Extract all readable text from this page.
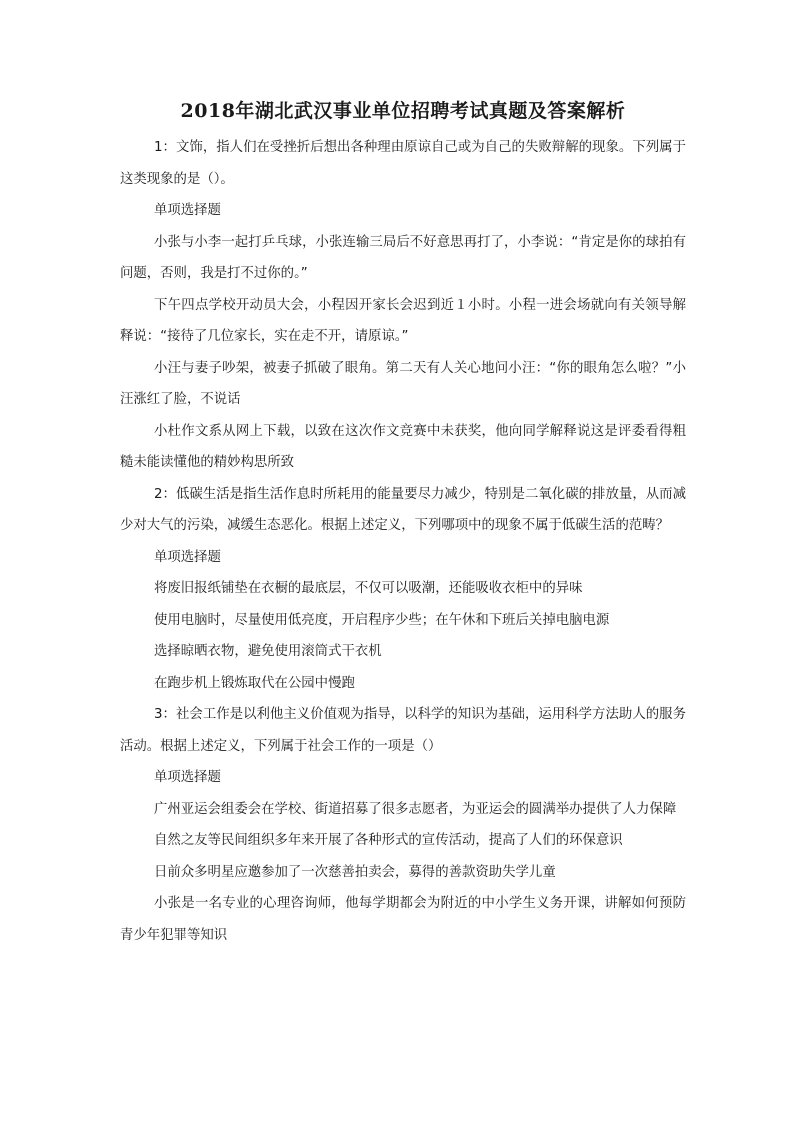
2018年湖北武汉事业单位招聘考试真题及答案解析

1：文饰，指人们在受挫折后想出各种理由原谅自己或为自己的失败辩解的现象。下列属于这类现象的是（）。

单项选择题

小张与小李一起打乒乓球，小张连输三局后不好意思再打了，小李说：“肯定是你的球拍有问题，否则，我是打不过你的。”

下午四点学校开动员大会，小程因开家长会迟到近１小时。小程一进会场就向有关领导解释说：“接待了几位家长，实在走不开，请原谅。”

小汪与妻子吵架，被妻子抓破了眼角。第二天有人关心地问小汪：“你的眼角怎么啦？”小汪涨红了脸，不说话

小杜作文系从网上下载，以致在这次作文竞赛中未获奖，他向同学解释说这是评委看得粗糙未能读懂他的精妙构思所致

2：低碳生活是指生活作息时所耗用的能量要尽力减少，特别是二氧化碳的排放量，从而减少对大气的污染，减缓生态恶化。根据上述定义，下列哪项中的现象不属于低碳生活的范畴？

单项选择题

将废旧报纸铺垫在衣橱的最底层，不仅可以吸潮，还能吸收衣柜中的异味

使用电脑时，尽量使用低亮度，开启程序少些；在午休和下班后关掉电脑电源

选择晾晒衣物，避免使用滚筒式干衣机

在跑步机上锻炼取代在公园中慢跑

3：社会工作是以利他主义价值观为指导，以科学的知识为基础，运用科学方法助人的服务活动。根据上述定义，下列属于社会工作的一项是（）

单项选择题

广州亚运会组委会在学校、街道招募了很多志愿者，为亚运会的圆满举办提供了人力保障

自然之友等民间组织多年来开展了各种形式的宣传活动，提高了人们的环保意识

日前众多明星应邀参加了一次慈善拍卖会，募得的善款资助失学儿童

小张是一名专业的心理咨询师，他每学期都会为附近的中小学生义务开课，讲解如何预防青少年犯罪等知识
